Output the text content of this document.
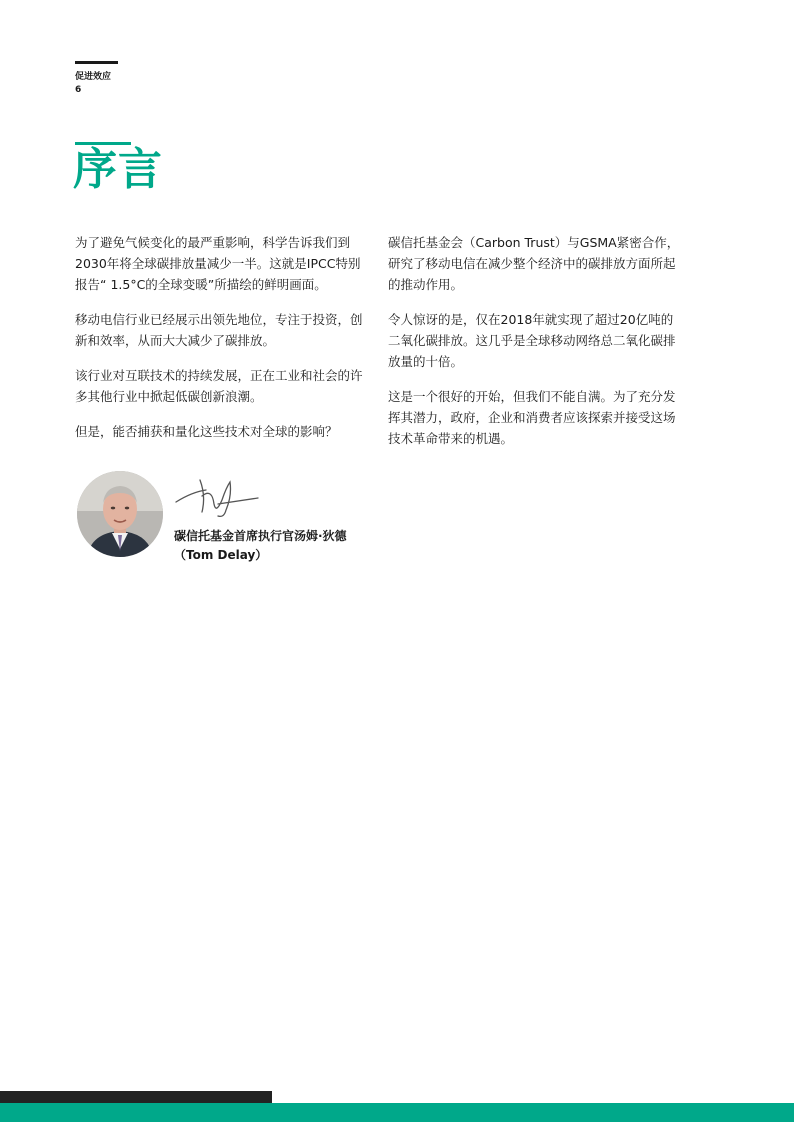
促进效应
6
序言

为了避免气候变化的最严重影响，科学告诉我们到2030年将全球碳排放量减少一半。这就是IPCC特别报告“ 1.5°C的全球变暖”所描绘的鲜明画面。

移动电信行业已经展示出领先地位，专注于投资，创新和效率，从而大大减少了碳排放。

该行业对互联技术的持续发展，正在工业和社会的许多其他行业中掀起低碳创新浪潮。

但是，能否捕获和量化这些技术对全球的影响？

碳信托基金会（Carbon Trust）与GSMA紧密合作，研究了移动电信在减少整个经济中的碳排放方面所起的推动作用。

令人惊讶的是，仅在2018年就实现了超过20亿吨的二氧化碳排放。这几乎是全球移动网络总二氧化碳排放量的十倍。

这是一个很好的开始，但我们不能自满。为了充分发挥其潜力，政府，企业和消费者应该探索并接受这场技术革命带来的机遇。

碳信托基金首席执行官汤姆·狄德（Tom Delay）
